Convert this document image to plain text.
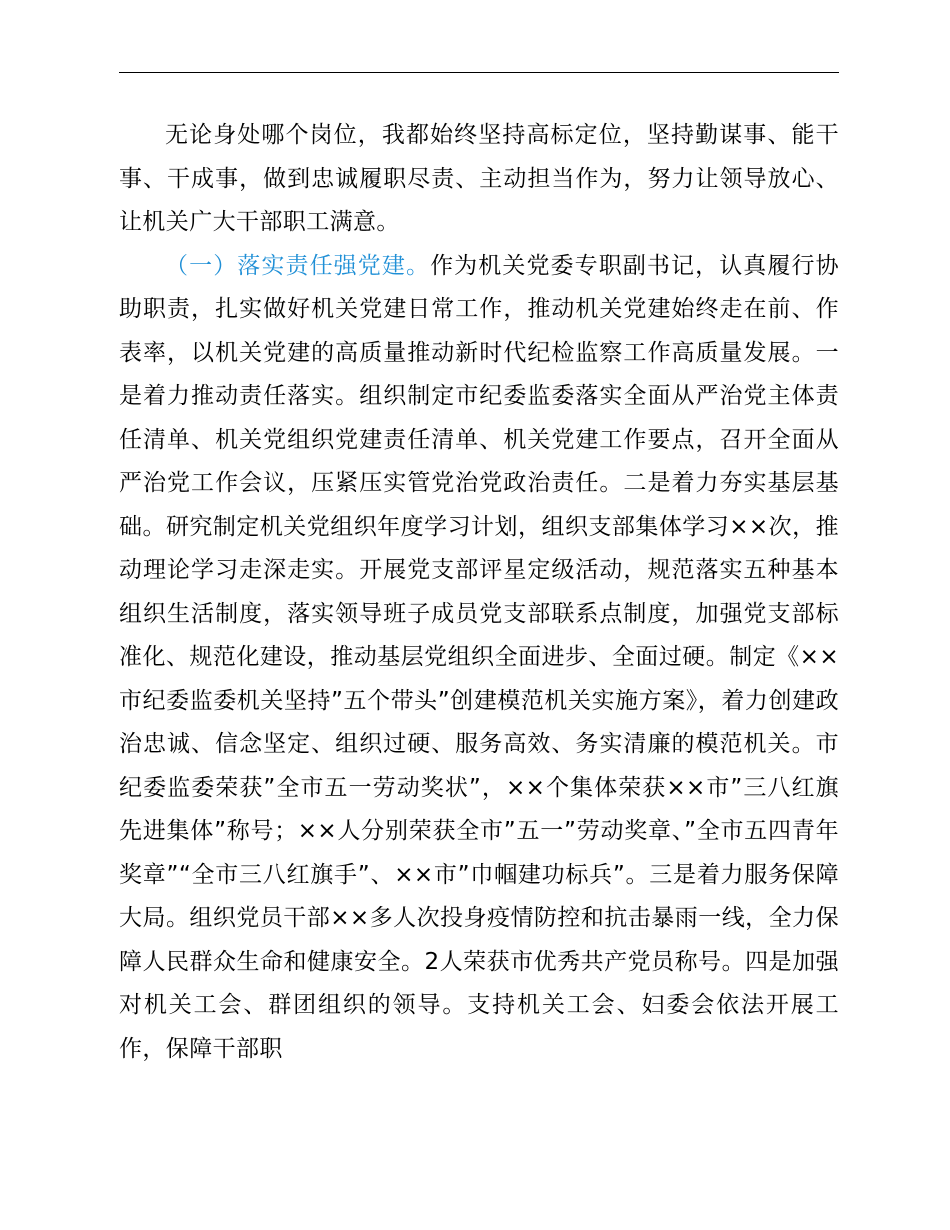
无论身处哪个岗位，我都始终坚持高标定位，坚持勤谋事、能干事、干成事，做到忠诚履职尽责、主动担当作为，努力让领导放心、让机关广大干部职工满意。

（一）落实责任强党建。作为机关党委专职副书记，认真履行协助职责，扎实做好机关党建日常工作，推动机关党建始终走在前、作表率，以机关党建的高质量推动新时代纪检监察工作高质量发展。一是着力推动责任落实。组织制定市纪委监委落实全面从严治党主体责任清单、机关党组织党建责任清单、机关党建工作要点，召开全面从严治党工作会议，压紧压实管党治党政治责任。二是着力夯实基层基础。研究制定机关党组织年度学习计划，组织支部集体学习××次，推动理论学习走深走实。开展党支部评星定级活动，规范落实五种基本组织生活制度，落实领导班子成员党支部联系点制度，加强党支部标准化、规范化建设，推动基层党组织全面进步、全面过硬。制定《××市纪委监委机关坚持”五个带头”创建模范机关实施方案》，着力创建政治忠诚、信念坚定、组织过硬、服务高效、务实清廉的模范机关。市纪委监委荣获”全市五一劳动奖状”，××个集体荣获××市”三八红旗先进集体”称号；××人分别荣获全市”五一”劳动奖章、”全市五四青年奖章”“全市三八红旗手”、××市”巾帼建功标兵”。三是着力服务保障大局。组织党员干部××多人次投身疫情防控和抗击暴雨一线，全力保障人民群众生命和健康安全。2人荣获市优秀共产党员称号。四是加强对机关工会、群团组织的领导。支持机关工会、妇委会依法开展工作，保障干部职
